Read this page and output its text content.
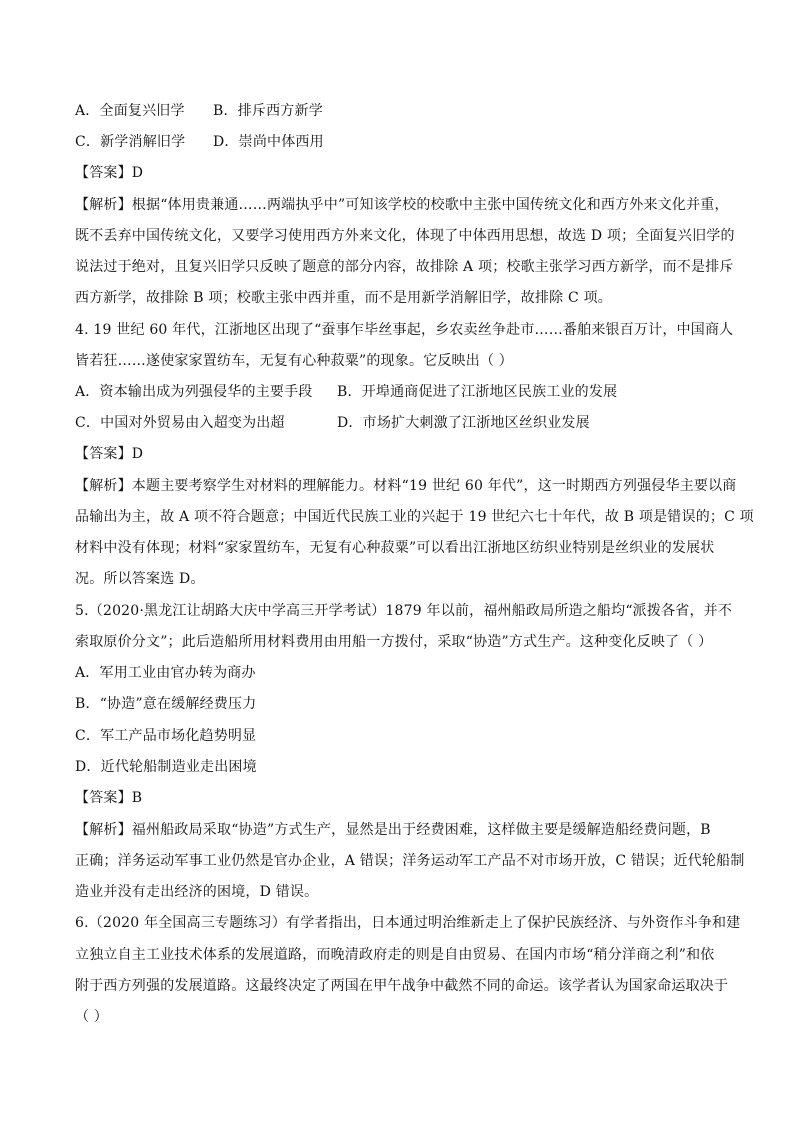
A．全面复兴旧学 B．排斥西方新学
C．新学消解旧学 D．崇尚中体西用
【答案】D
【解析】根据“体用贵兼通……两端执乎中”可知该学校的校歌中主张中国传统文化和西方外来文化并重，
既不丢弃中国传统文化，又要学习使用西方外来文化，体现了中体西用思想，故选 D 项；全面复兴旧学的
说法过于绝对，且复兴旧学只反映了题意的部分内容，故排除 A 项；校歌主张学习西方新学，而不是排斥
西方新学，故排除 B 项；校歌主张中西并重，而不是用新学消解旧学，故排除 C 项。
4. 19 世纪 60 年代，江浙地区出现了“蚕事乍毕丝事起，乡农卖丝争赴市……番舶来银百万计，中国商人
皆若狂……遂使家家置纺车，无复有心种菽粟”的现象。它反映出（ ）
A．资本输出成为列强侵华的主要手段 B．开埠通商促进了江浙地区民族工业的发展
C．中国对外贸易由入超变为出超	D．市场扩大刺激了江浙地区丝织业发展
【答案】D
【解析】本题主要考察学生对材料的理解能力。材料“19 世纪 60 年代”，这一时期西方列强侵华主要以商
品输出为主，故 A 项不符合题意；中国近代民族工业的兴起于 19 世纪六七十年代，故 B 项是错误的；C 项
材料中没有体现；材料“家家置纺车，无复有心种菽粟”可以看出江浙地区纺织业特别是丝织业的发展状
况。所以答案选 D。
5.（2020·黑龙江让胡路大庆中学高三开学考试）1879 年以前，福州船政局所造之船均“派拨各省，并不
索取原价分文”；此后造船所用材料费用由用船一方拨付，采取“协造”方式生产。这种变化反映了（ ）
A．军用工业由官办转为商办
B．“协造”意在缓解经费压力
C．军工产品市场化趋势明显
D．近代轮船制造业走出困境
【答案】B
【解析】福州船政局采取“协造”方式生产，显然是出于经费困难，这样做主要是缓解造船经费问题，B
正确；洋务运动军事工业仍然是官办企业，A 错误；洋务运动军工产品不对市场开放，C 错误；近代轮船制
造业并没有走出经济的困境，D 错误。
6.（2020 年全国高三专题练习）有学者指出，日本通过明治维新走上了保护民族经济、与外资作斗争和建
立独立自主工业技术体系的发展道路，而晚清政府走的则是自由贸易、在国内市场“稍分洋商之利”和依
附于西方列强的发展道路。这最终决定了两国在甲午战争中截然不同的命运。该学者认为国家命运取决于
（ ）
